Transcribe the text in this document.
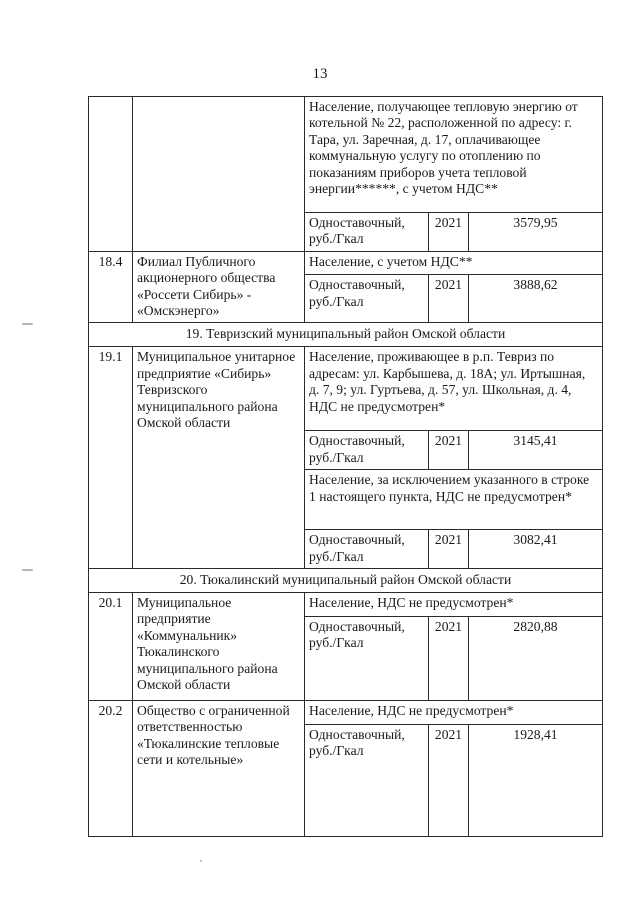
13
		Население, получающее тепловую энергию от котельной № 22, расположенной по адресу: г. Тара, ул. Заречная, д. 17, оплачивающее коммунальную услугу по отоплению по показаниям приборов учета тепловой энергии******, с учетом НДС**		
		Одноставочный, руб./Гкал	2021	3579,95
18.4	Филиал Публичного акционерного общества «Россети Сибирь» - «Омскэнерго»	Население, с учетом НДС**		
		Одноставочный, руб./Гкал	2021	3888,62
19. Тевризский муниципальный район Омской области				
19.1	Муниципальное унитарное предприятие «Сибирь» Тевризского муниципального района Омской области	Население, проживающее в р.п. Тевриз по адресам: ул. Карбышева, д. 18А; ул. Иртышная, д. 7, 9; ул. Гуртьева, д. 57, ул. Школьная, д. 4, НДС не предусмотрен*		
		Одноставочный, руб./Гкал	2021	3145,41
		Население, за исключением указанного в строке 1 настоящего пункта, НДС не предусмотрен*		
		Одноставочный, руб./Гкал	2021	3082,41
20. Тюкалинский муниципальный район Омской области				
20.1	Муниципальное предприятие «Коммунальник» Тюкалинского муниципального района Омской области	Население, НДС не предусмотрен*		
		Одноставочный, руб./Гкал	2021	2820,88
20.2	Общество с ограниченной ответственностью «Тюкалинские тепловые сети и котельные»	Население, НДС не предусмотрен*		
		Одноставочный, руб./Гкал	2021	1928,41
